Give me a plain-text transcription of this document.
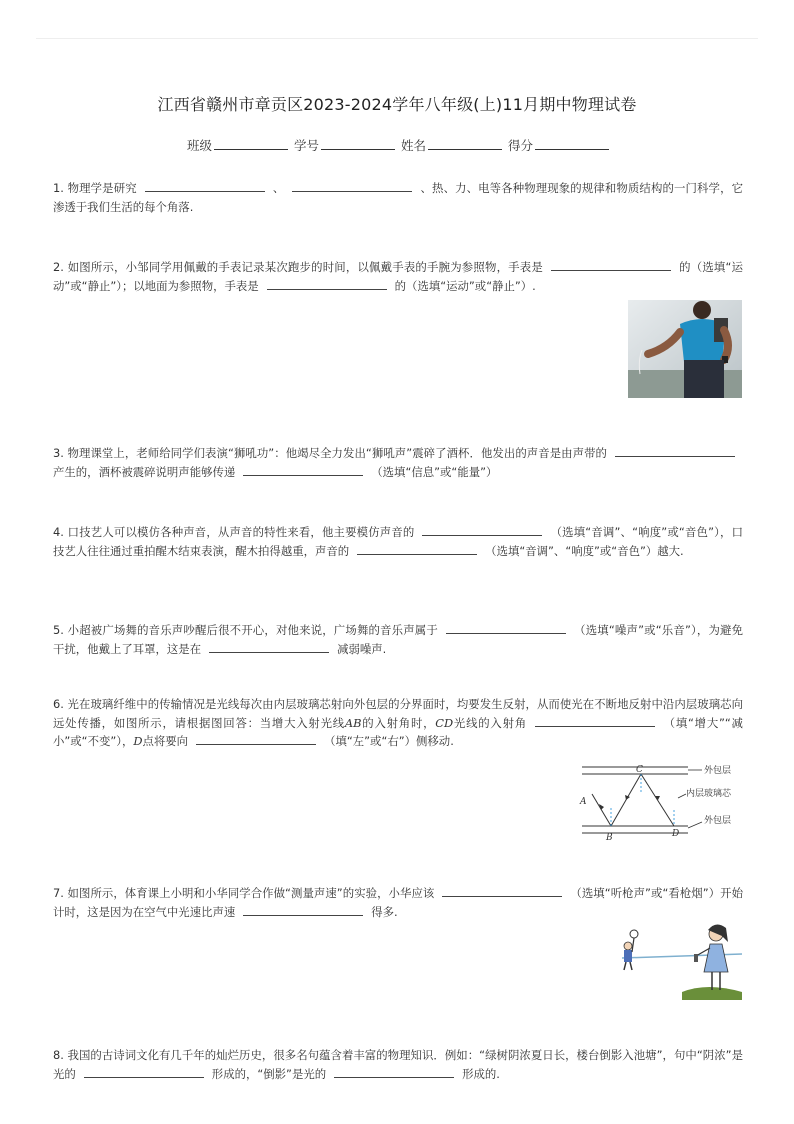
江西省赣州市章贡区2023-2024学年八年级(上)11月期中物理试卷
班级	学号	姓名	得分
1. 物理学是研究	、	、热、力、电等各种物理现象的规律和物质结构的一门科学，它渗透于我们生活的每个角落.
2. 如图所示，小邹同学用佩戴的手表记录某次跑步的时间，以佩戴手表的手腕为参照物，手表是	的（选填“运动”或“静止”）；以地面为参照物，手表是	的（选填“运动”或“静止”）.
3. 物理课堂上，老师给同学们表演“狮吼功”：他竭尽全力发出“狮吼声”震碎了酒杯．他发出的声音是由声带的产生的，酒杯被震碎说明声能够传递	（选填“信息”或“能量”）
4. 口技艺人可以模仿各种声音，从声音的特性来看，他主要模仿声音的	（选填“音调”、“响度”或“音色”），口技艺人往往通过重拍醒木结束表演，醒木拍得越重，声音的	（选填“音调”、“响度”或“音色”）越大.
5. 小超被广场舞的音乐声吵醒后很不开心，对他来说，广场舞的音乐声属于	（选填“噪声”或“乐音”），为避免干扰，他戴上了耳罩，这是在	减弱噪声.
6. 光在玻璃纤维中的传输情况是光线每次由内层玻璃芯射向外包层的分界面时，均要发生反射，从而使光在不断地反射中沿内层玻璃芯向远处传播，如图所示，请根据图回答：当增大入射光线AB的入射角时，CD光线的入射角	（填“增大”“减小”或“不变”），D点将要向	（填“左”或“右”）侧移动.
C
A
B	D
外包层
内层玻璃芯
外包层
7. 如图所示，体育课上小明和小华同学合作做“测量声速”的实验，小华应该	（选填“听枪声”或“看枪烟”）开始计时，这是因为在空气中光速比声速	得多.
8. 我国的古诗词文化有几千年的灿烂历史，很多名句蕴含着丰富的物理知识．例如：“绿树阴浓夏日长，楼台倒影入池塘”，句中“阴浓”是光的	形成的，“倒影”是光的	形成的.
